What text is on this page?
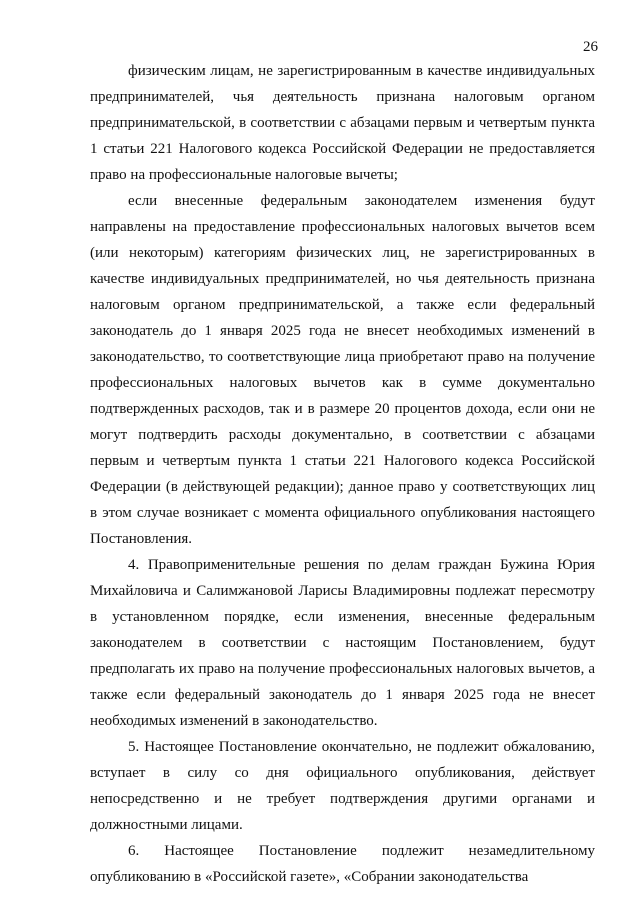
26

физическим лицам, не зарегистрированным в качестве индивидуальных предпринимателей, чья деятельность признана налоговым органом предпринимательской, в соответствии с абзацами первым и четвертым пункта 1 статьи 221 Налогового кодекса Российской Федерации не предоставляется право на профессиональные налоговые вычеты;

если внесенные федеральным законодателем изменения будут направлены на предоставление профессиональных налоговых вычетов всем (или некоторым) категориям физических лиц, не зарегистрированных в качестве индивидуальных предпринимателей, но чья деятельность признана налоговым органом предпринимательской, а также если федеральный законодатель до 1 января 2025 года не внесет необходимых изменений в законодательство, то соответствующие лица приобретают право на получение профессиональных налоговых вычетов как в сумме документально подтвержденных расходов, так и в размере 20 процентов дохода, если они не могут подтвердить расходы документально, в соответствии с абзацами первым и четвертым пункта 1 статьи 221 Налогового кодекса Российской Федерации (в действующей редакции); данное право у соответствующих лиц в этом случае возникает с момента официального опубликования настоящего Постановления.

4. Правоприменительные решения по делам граждан Бужина Юрия Михайловича и Салимжановой Ларисы Владимировны подлежат пересмотру в установленном порядке, если изменения, внесенные федеральным законодателем в соответствии с настоящим Постановлением, будут предполагать их право на получение профессиональных налоговых вычетов, а также если федеральный законодатель до 1 января 2025 года не внесет необходимых изменений в законодательство.

5. Настоящее Постановление окончательно, не подлежит обжалованию, вступает в силу со дня официального опубликования, действует непосредственно и не требует подтверждения другими органами и должностными лицами.

6. Настоящее Постановление подлежит незамедлительному опубликованию в «Российской газете», «Собрании законодательства
